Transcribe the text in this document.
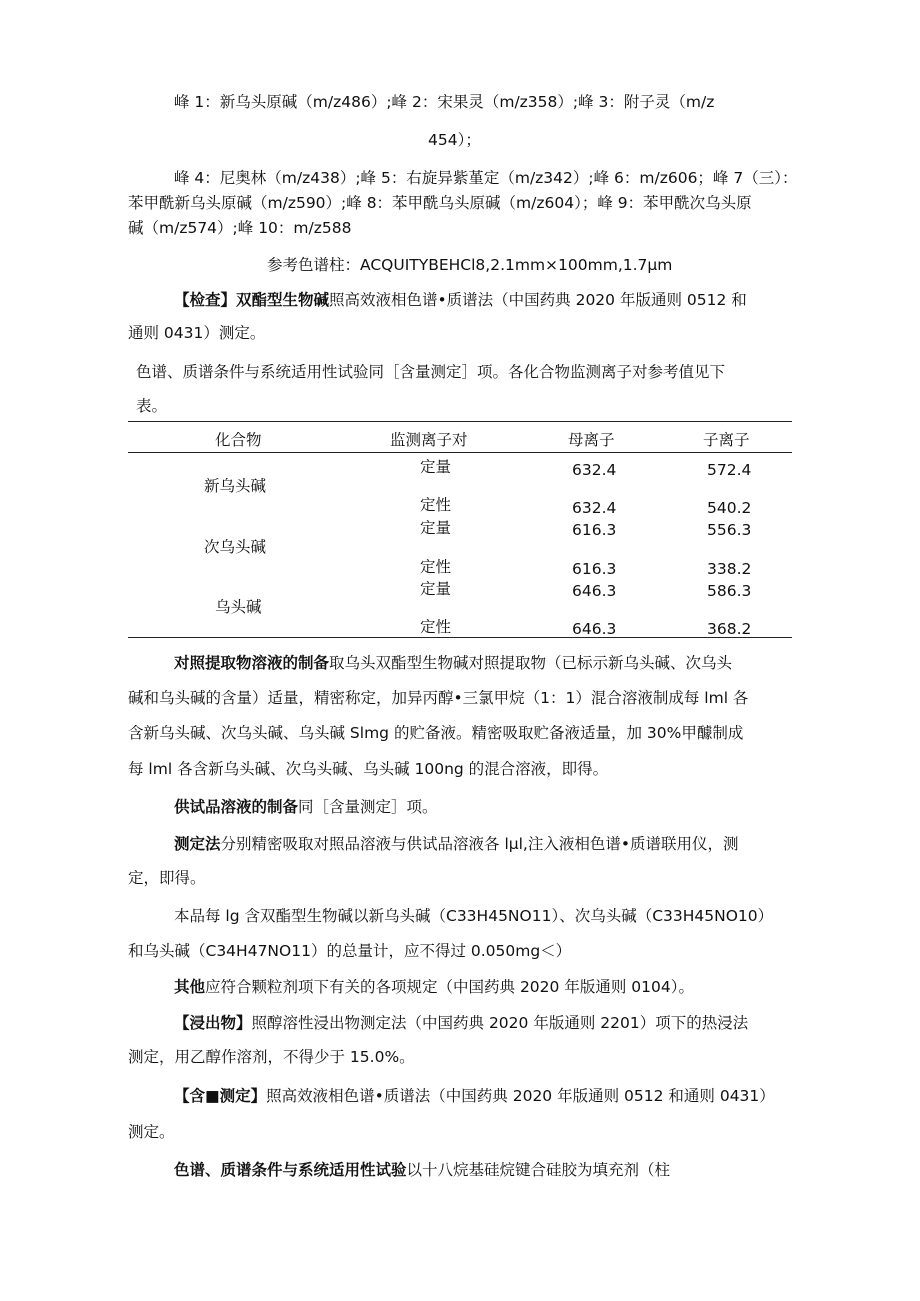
峰 1：新乌头原碱（m/z486）;峰 2：宋果灵（m/z358）;峰 3：附子灵（m/z
454）；
峰 4：尼奥林（m/z438）;峰 5：右旋异紫堇定（m/z342）;峰 6：m/z606；峰 7（三）：
苯甲酰新乌头原碱（m/z590）;峰 8：苯甲酰乌头原碱（m/z604）；峰 9：苯甲酰次乌头原
碱（m/z574）;峰 10：m/z588
参考色谱柱：ACQUITYBEHCl8,2.1mm×100mm,1.7μm
【检查】双酯型生物碱照高效液相色谱•质谱法（中国药典 2020 年版通则 0512 和
通则 0431）测定。
色谱、质谱条件与系统适用性试验同［含量测定］项。各化合物监测离子对参考值见下
表。
化合物	监测离子对	母离子	子离子
新乌头碱
定量	632.4	572.4
定性	632.4	540.2
次乌头碱
定量	616.3	556.3
定性	616.3	338.2
乌头碱
定量	646.3	586.3
定性	646.3	368.2
对照提取物溶液的制备取乌头双酯型生物碱对照提取物（已标示新乌头碱、次乌头
碱和乌头碱的含量）适量，精密称定，加异丙醇•三氯甲烷（1：1）混合溶液制成每 lml 各
含新乌头碱、次乌头碱、乌头碱 Slmg 的贮备液。精密吸取贮备液适量，加 30%甲醵制成
每 lml 各含新乌头碱、次乌头碱、乌头碱 100ng 的混合溶液，即得。
供试品溶液的制备同［含量测定］项。
测定法分别精密吸取对照品溶液与供试品溶液各 lμl,注入液相色谱•质谱联用仪，测
定，即得。
本品每 lg 含双酯型生物碱以新乌头碱（C33H45NO11）、次乌头碱（C33H45NO10）
和乌头碱（C34H47NO11）的总量计，应不得过 0.050mg＜）
其他应符合颗粒剂项下有关的各项规定（中国药典 2020 年版通则 0104）。
【浸出物】照醇溶性浸出物测定法（中国药典 2020 年版通则 2201）项下的热浸法
测定，用乙醇作溶剂，不得少于 15.0%。
【含■测定】照高效液相色谱•质谱法（中国药典 2020 年版通则 0512 和通则 0431）
测定。
色谱、质谱条件与系统适用性试验以十八烷基硅烷键合硅胶为填充剂（柱
